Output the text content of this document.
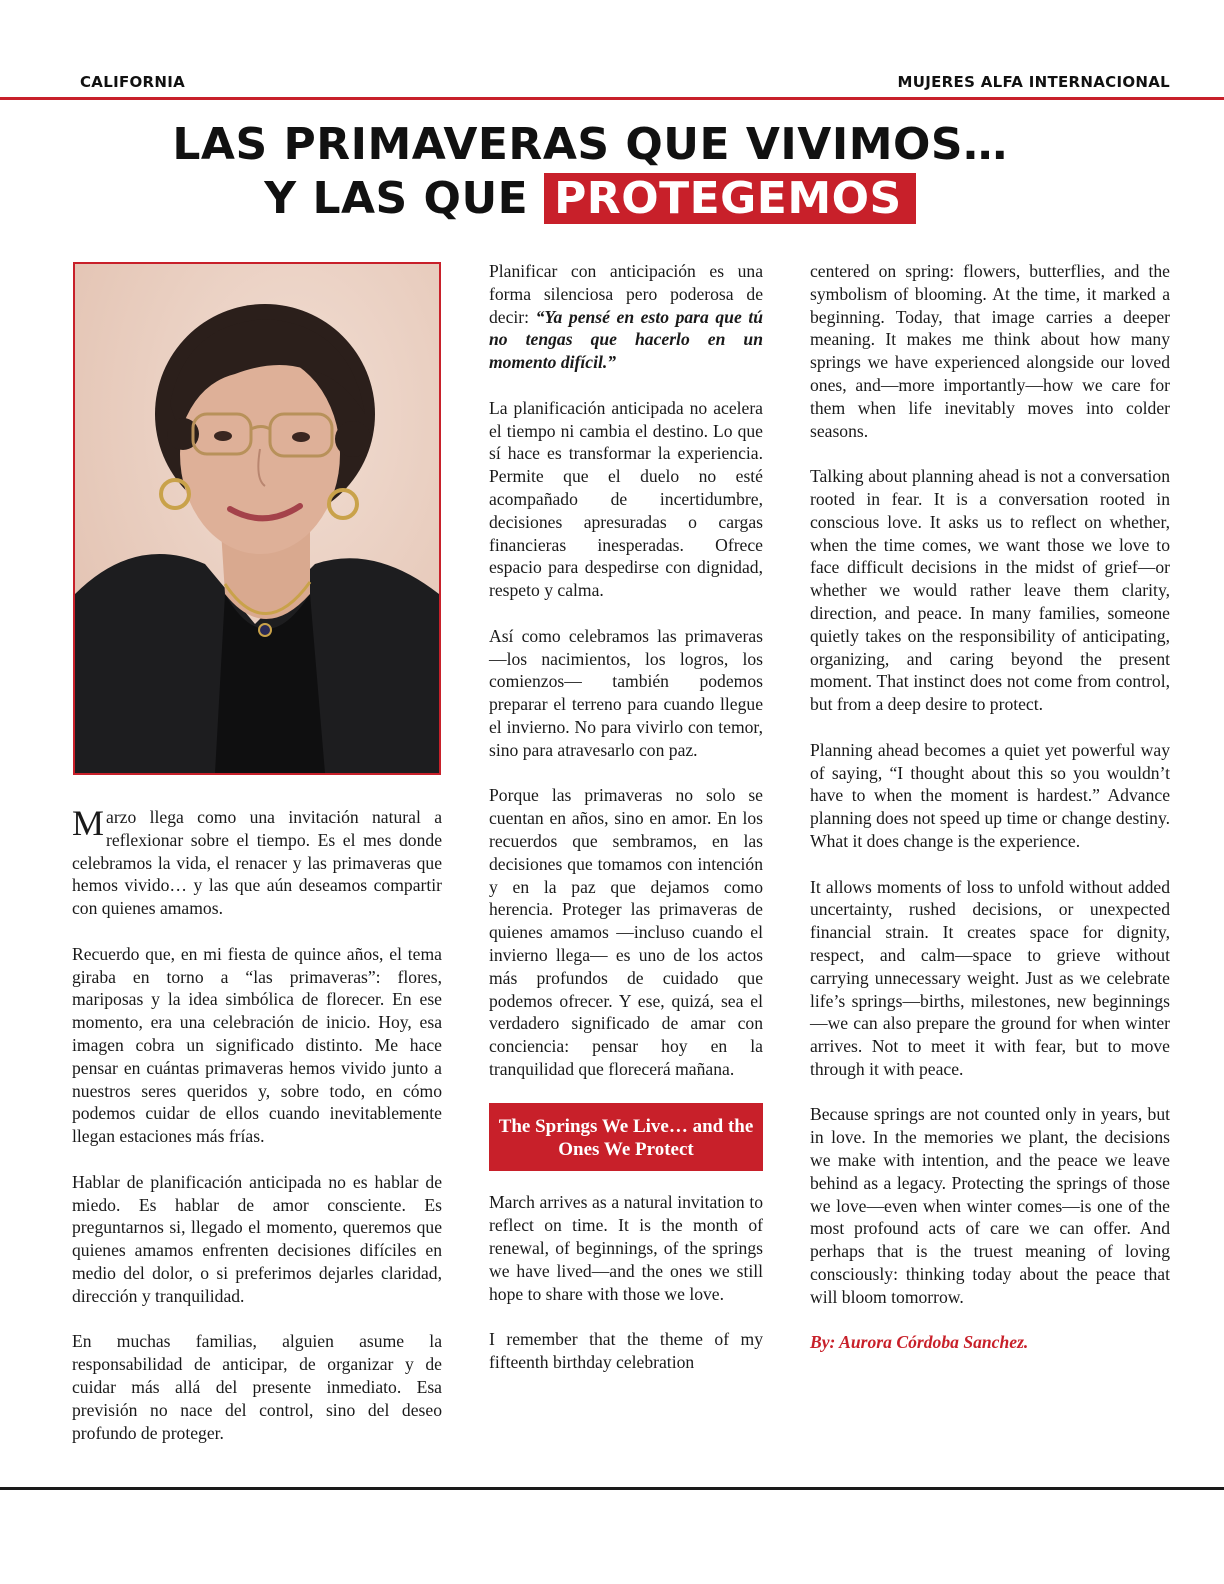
CALIFORNIA	MUJERES ALFA INTERNACIONAL
LAS PRIMAVERAS QUE VIVIMOS…
Y LAS QUE PROTEGEMOS

Marzo llega como una invitación natural a reflexionar sobre el tiempo. Es el mes donde celebramos la vida, el renacer y las primaveras que hemos vivido… y las que aún deseamos compartir con quienes amamos.

Recuerdo que, en mi fiesta de quince años, el tema giraba en torno a “las primaveras”: flores, mariposas y la idea simbólica de florecer. En ese momento, era una celebración de inicio. Hoy, esa imagen cobra un significado distinto. Me hace pensar en cuántas primaveras hemos vivido junto a nuestros seres queridos y, sobre todo, en cómo podemos cuidar de ellos cuando inevitablemente llegan estaciones más frías.

Hablar de planificación anticipada no es hablar de miedo. Es hablar de amor consciente. Es preguntarnos si, llegado el momento, queremos que quienes amamos enfrenten decisiones difíciles en medio del dolor, o si preferimos dejarles claridad, dirección y tranquilidad.

En muchas familias, alguien asume la responsabilidad de anticipar, de organizar y de cuidar más allá del presente inmediato. Esa previsión no nace del control, sino del deseo profundo de proteger.

Planificar con anticipación es una forma silenciosa pero poderosa de decir: “Ya pensé en esto para que tú no tengas que hacerlo en un momento difícil.”

La planificación anticipada no acelera el tiempo ni cambia el destino. Lo que sí hace es transformar la experiencia. Permite que el duelo no esté acompañado de incertidumbre, decisiones apresuradas o cargas financieras inesperadas. Ofrece espacio para despedirse con dignidad, respeto y calma.

Así como celebramos las primaveras —los nacimientos, los logros, los comienzos— también podemos preparar el terreno para cuando llegue el invierno. No para vivirlo con temor, sino para atravesarlo con paz.

Porque las primaveras no solo se cuentan en años, sino en amor. En los recuerdos que sembramos, en las decisiones que tomamos con intención y en la paz que dejamos como herencia. Proteger las primaveras de quienes amamos —incluso cuando el invierno llega— es uno de los actos más profundos de cuidado que podemos ofrecer. Y ese, quizá, sea el verdadero significado de amar con conciencia: pensar hoy en la tranquilidad que florecerá mañana.

The Springs We Live… and the Ones We Protect

March arrives as a natural invitation to reflect on time. It is the month of renewal, of beginnings, of the springs we have lived—and the ones we still hope to share with those we love.

I remember that the theme of my fifteenth birthday celebration

centered on spring: flowers, butterflies, and the symbolism of blooming. At the time, it marked a beginning. Today, that image carries a deeper meaning. It makes me think about how many springs we have experienced alongside our loved ones, and—more importantly—how we care for them when life inevitably moves into colder seasons.

Talking about planning ahead is not a conversation rooted in fear. It is a conversation rooted in conscious love. It asks us to reflect on whether, when the time comes, we want those we love to face difficult decisions in the midst of grief—or whether we would rather leave them clarity, direction, and peace. In many families, someone quietly takes on the responsibility of anticipating, organizing, and caring beyond the present moment. That instinct does not come from control, but from a deep desire to protect.

Planning ahead becomes a quiet yet powerful way of saying, “I thought about this so you wouldn’t have to when the moment is hardest.” Advance planning does not speed up time or change destiny. What it does change is the experience.

It allows moments of loss to unfold without added uncertainty, rushed decisions, or unexpected financial strain. It creates space for dignity, respect, and calm—space to grieve without carrying unnecessary weight. Just as we celebrate life’s springs—births, milestones, new beginnings—we can also prepare the ground for when winter arrives. Not to meet it with fear, but to move through it with peace.

Because springs are not counted only in years, but in love. In the memories we plant, the decisions we make with intention, and the peace we leave behind as a legacy. Protecting the springs of those we love—even when winter comes—is one of the most profound acts of care we can offer. And perhaps that is the truest meaning of loving consciously: thinking today about the peace that will bloom tomorrow.

By: Aurora Córdoba Sanchez.
